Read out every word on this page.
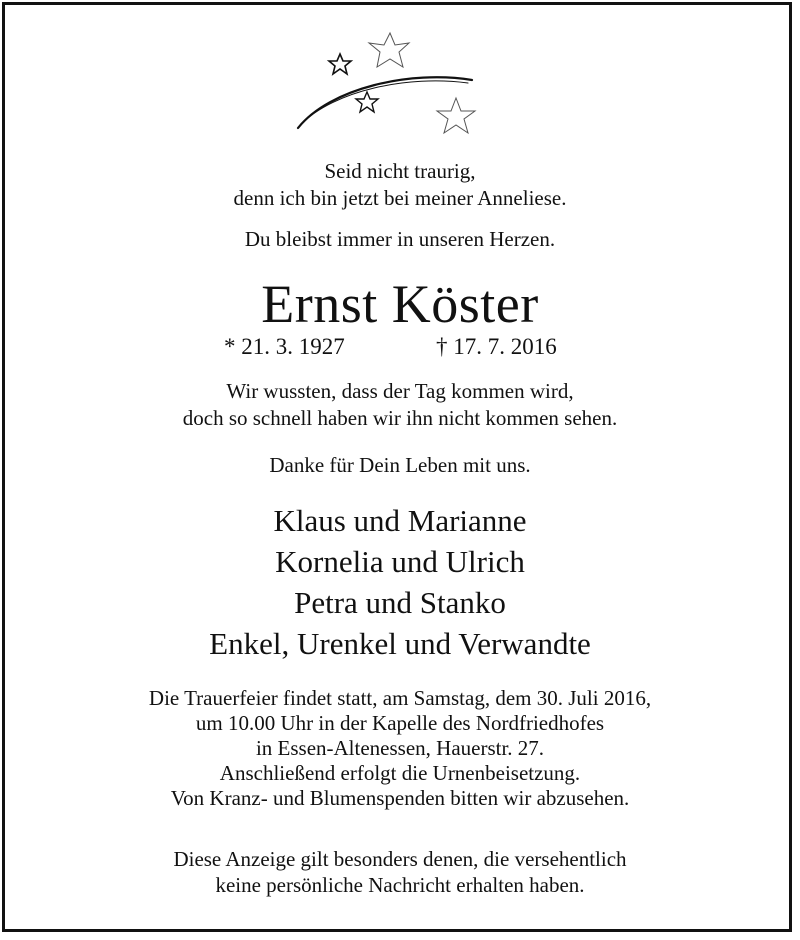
Seid nicht traurig,
denn ich bin jetzt bei meiner Anneliese.
Du bleibst immer in unseren Herzen.
Ernst Köster
* 21. 3. 1927	† 17. 7. 2016
Wir wussten, dass der Tag kommen wird,
doch so schnell haben wir ihn nicht kommen sehen.
Danke für Dein Leben mit uns.
Klaus und Marianne
Kornelia und Ulrich
Petra und Stanko
Enkel, Urenkel und Verwandte
Die Trauerfeier findet statt, am Samstag, dem 30. Juli 2016,
um 10.00 Uhr in der Kapelle des Nordfriedhofes
in Essen-Altenessen, Hauerstr. 27.
Anschließend erfolgt die Urnenbeisetzung.
Von Kranz- und Blumenspenden bitten wir abzusehen.
Diese Anzeige gilt besonders denen, die versehentlich
keine persönliche Nachricht erhalten haben.
